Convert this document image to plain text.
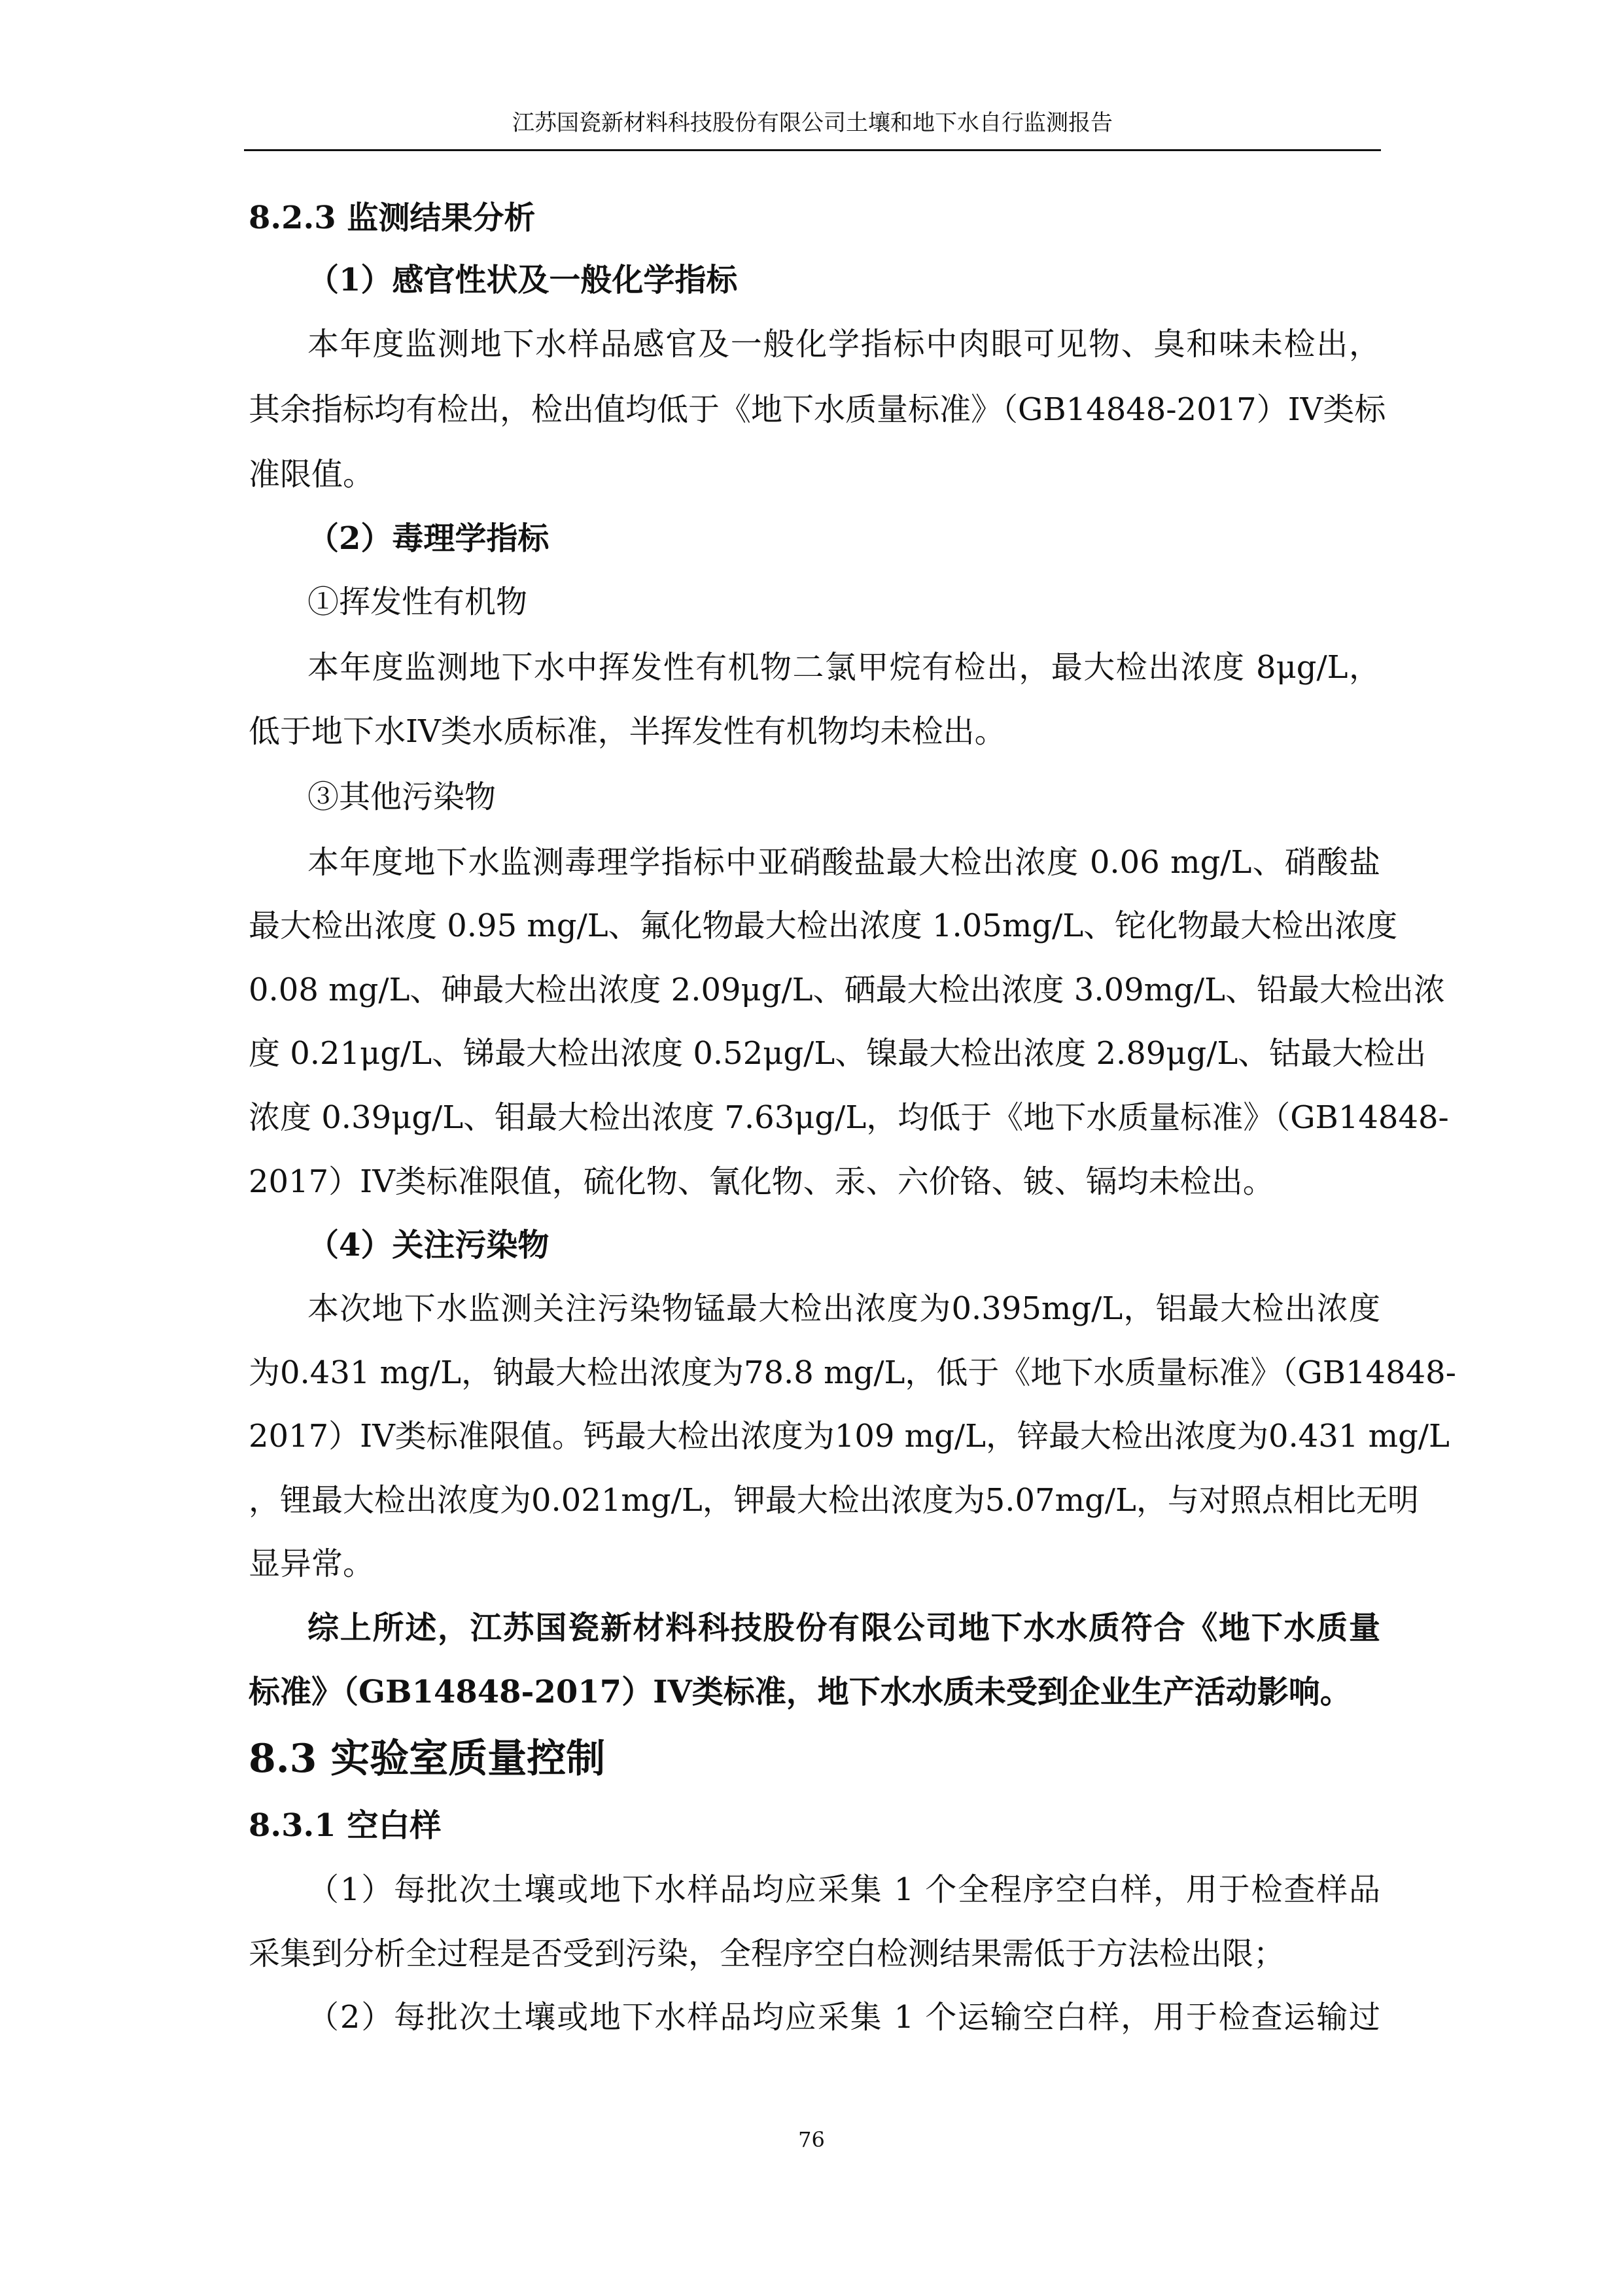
江苏国瓷新材料科技股份有限公司土壤和地下水自行监测报告
8.2.3 监测结果分析
（1）感官性状及一般化学指标
本年度监测地下水样品感官及一般化学指标中肉眼可见物、臭和味未检出，
其余指标均有检出，检出值均低于《地下水质量标准》（GB14848-2017）IV类标
准限值。
（2）毒理学指标
①挥发性有机物
本年度监测地下水中挥发性有机物二氯甲烷有检出，最大检出浓度 8μg/L，
低于地下水IV类水质标准，半挥发性有机物均未检出。
③其他污染物
本年度地下水监测毒理学指标中亚硝酸盐最大检出浓度 0.06 mg/L、硝酸盐
最大检出浓度 0.95 mg/L、氟化物最大检出浓度 1.05mg/L、铊化物最大检出浓度
0.08 mg/L、砷最大检出浓度 2.09μg/L、硒最大检出浓度 3.09mg/L、铅最大检出浓
度 0.21μg/L、锑最大检出浓度 0.52μg/L、镍最大检出浓度 2.89μg/L、钴最大检出
浓度 0.39μg/L、钼最大检出浓度 7.63μg/L，均低于《地下水质量标准》（GB14848-
2017）IV类标准限值，硫化物、氰化物、汞、六价铬、铍、镉均未检出。
（4）关注污染物
本次地下水监测关注污染物锰最大检出浓度为0.395mg/L，铝最大检出浓度
为0.431 mg/L，钠最大检出浓度为78.8 mg/L，低于《地下水质量标准》（GB14848-
2017）IV类标准限值。钙最大检出浓度为109 mg/L，锌最大检出浓度为0.431 mg/L
，锂最大检出浓度为0.021mg/L，钾最大检出浓度为5.07mg/L，与对照点相比无明
显异常。
综上所述，江苏国瓷新材料科技股份有限公司地下水水质符合《地下水质量
标准》（GB14848-2017）IV类标准，地下水水质未受到企业生产活动影响。
8.3 实验室质量控制
8.3.1 空白样
（1）每批次土壤或地下水样品均应采集 1 个全程序空白样，用于检查样品
采集到分析全过程是否受到污染，全程序空白检测结果需低于方法检出限；
（2）每批次土壤或地下水样品均应采集 1 个运输空白样，用于检查运输过
76
